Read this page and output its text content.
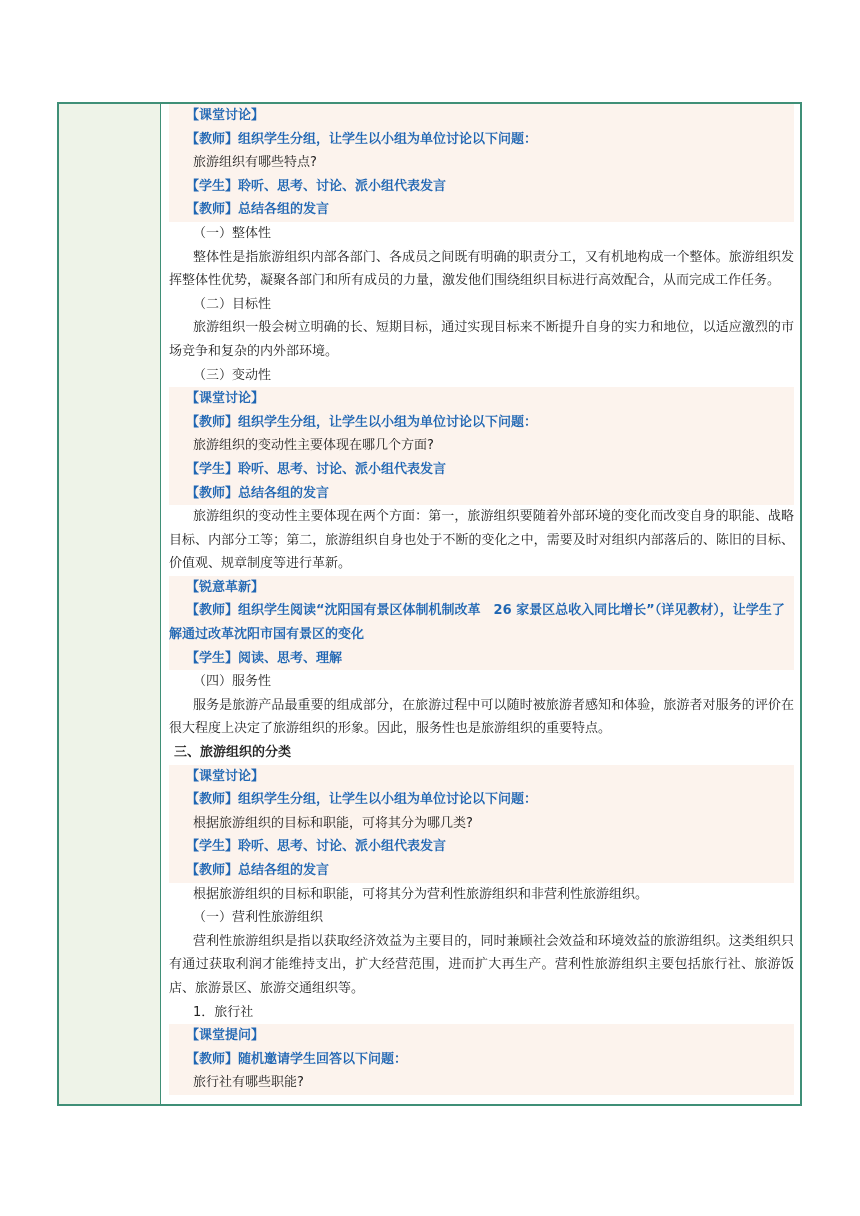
【课堂讨论】
【教师】组织学生分组，让学生以小组为单位讨论以下问题：
旅游组织有哪些特点?
【学生】聆听、思考、讨论、派小组代表发言
【教师】总结各组的发言
（一）整体性
整体性是指旅游组织内部各部门、各成员之间既有明确的职责分工，又有机地构成一个整体。旅游组织发挥整体性优势，凝聚各部门和所有成员的力量，激发他们围绕组织目标进行高效配合，从而完成工作任务。
（二）目标性
旅游组织一般会树立明确的长、短期目标，通过实现目标来不断提升自身的实力和地位，以适应激烈的市场竞争和复杂的内外部环境。
（三）变动性
【课堂讨论】
【教师】组织学生分组，让学生以小组为单位讨论以下问题：
旅游组织的变动性主要体现在哪几个方面?
【学生】聆听、思考、讨论、派小组代表发言
【教师】总结各组的发言
旅游组织的变动性主要体现在两个方面：第一，旅游组织要随着外部环境的变化而改变自身的职能、战略目标、内部分工等；第二，旅游组织自身也处于不断的变化之中，需要及时对组织内部落后的、陈旧的目标、价值观、规章制度等进行革新。
【锐意革新】
【教师】组织学生阅读“沈阳国有景区体制机制改革　26 家景区总收入同比增长”（详见教材），让学生了解通过改革沈阳市国有景区的变化
【学生】阅读、思考、理解
（四）服务性
服务是旅游产品最重要的组成部分，在旅游过程中可以随时被旅游者感知和体验，旅游者对服务的评价在很大程度上决定了旅游组织的形象。因此，服务性也是旅游组织的重要特点。
三、旅游组织的分类
【课堂讨论】
【教师】组织学生分组，让学生以小组为单位讨论以下问题：
根据旅游组织的目标和职能，可将其分为哪几类?
【学生】聆听、思考、讨论、派小组代表发言
【教师】总结各组的发言
根据旅游组织的目标和职能，可将其分为营利性旅游组织和非营利性旅游组织。
（一）营利性旅游组织
营利性旅游组织是指以获取经济效益为主要目的，同时兼顾社会效益和环境效益的旅游组织。这类组织只有通过获取利润才能维持支出，扩大经营范围，进而扩大再生产。营利性旅游组织主要包括旅行社、旅游饭店、旅游景区、旅游交通组织等。
1．旅行社
【课堂提问】
【教师】随机邀请学生回答以下问题：
旅行社有哪些职能?
